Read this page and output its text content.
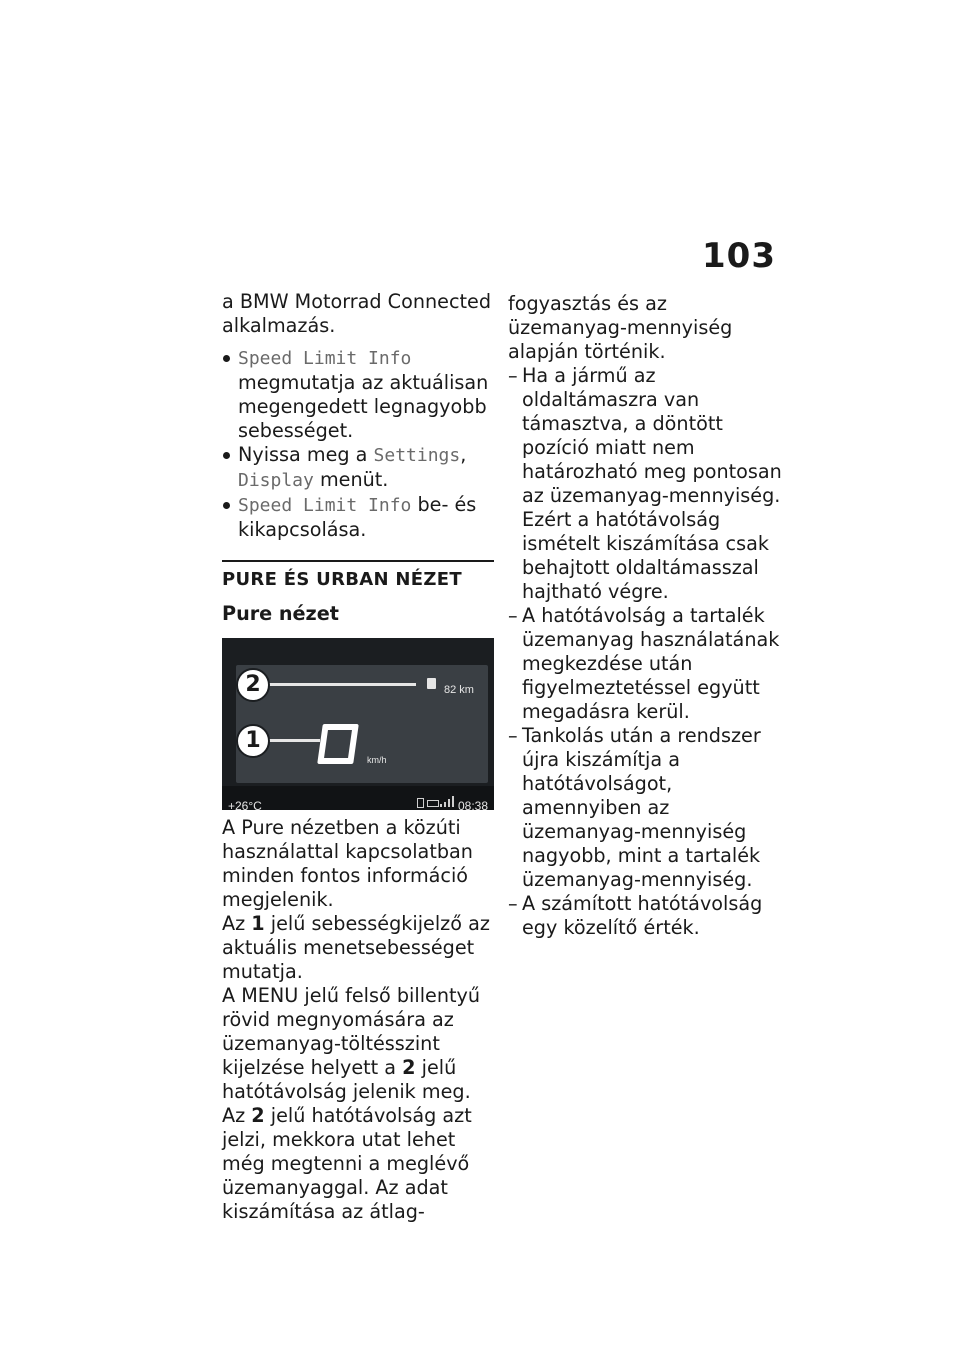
103

a BMW Motorrad Connected alkalmazás.

Speed Limit Info megmutatja az aktuálisan megengedett legnagyobb sebességet.

Nyissa meg a Settings, Display menüt.

Speed Limit Info be- és kikapcsolása.

PURE ÉS URBAN NÉZET
Pure nézet
2	82 km
1
km/h
+26°C	08:38

A Pure nézetben a közúti használattal kapcsolatban minden fontos információ megjelenik.

Az 1 jelű sebességkijelző az aktuális menetsebességet mutatja.

A MENU jelű felső billentyű rövid megnyomására az üzemanyag-töltésszint kijelzése helyett a 2 jelű hatótávolság jelenik meg.

Az 2 jelű hatótávolság azt jelzi, mekkora utat lehet még megtenni a meglévő üzemanyaggal. Az adat kiszámítása az átlag-

fogyasztás és az üzemanyag-mennyiség alapján történik.

– Ha a jármű az oldaltámaszra van támasztva, a döntött pozíció miatt nem határozható meg pontosan az üzemanyag-mennyiség. Ezért a hatótávolság ismételt kiszámítása csak behajtott oldaltámasszal hajtható végre.

– A hatótávolság a tartalék üzemanyag használatának megkezdése után figyelmeztetéssel együtt megadásra kerül.

– Tankolás után a rendszer újra kiszámítja a hatótávolságot, amennyiben az üzemanyag-mennyiség nagyobb, mint a tartalék üzemanyag-mennyiség.

– A számított hatótávolság egy közelítő érték.
